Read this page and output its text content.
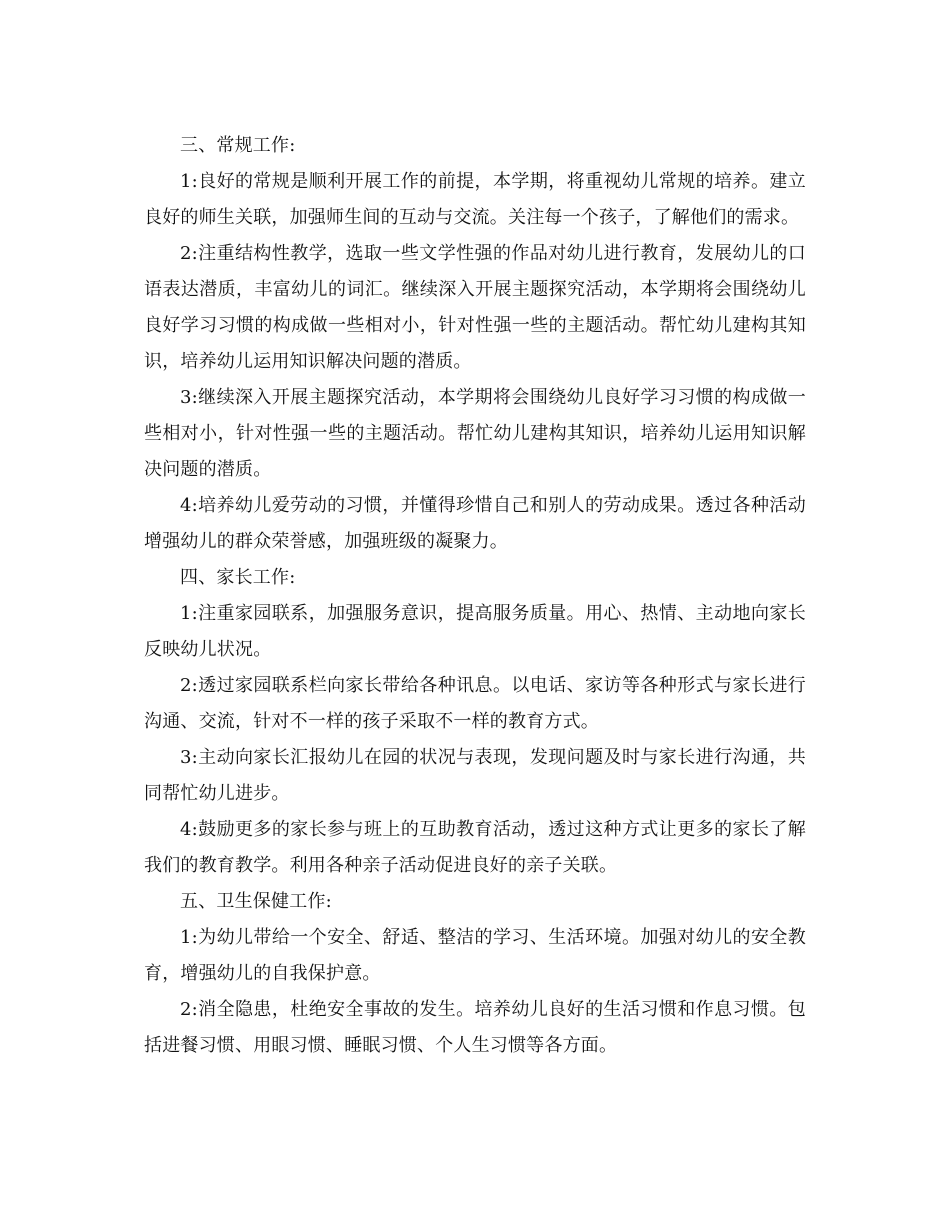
三、常规工作:

1:良好的常规是顺利开展工作的前提，本学期，将重视幼儿常规的培养。建立良好的师生关联，加强师生间的互动与交流。关注每一个孩子，了解他们的需求。

2:注重结构性教学，选取一些文学性强的作品对幼儿进行教育，发展幼儿的口语表达潜质，丰富幼儿的词汇。继续深入开展主题探究活动，本学期将会围绕幼儿良好学习习惯的构成做一些相对小，针对性强一些的主题活动。帮忙幼儿建构其知识，培养幼儿运用知识解决问题的潜质。

3:继续深入开展主题探究活动，本学期将会围绕幼儿良好学习习惯的构成做一些相对小，针对性强一些的主题活动。帮忙幼儿建构其知识，培养幼儿运用知识解决问题的潜质。

4:培养幼儿爱劳动的习惯，并懂得珍惜自己和别人的劳动成果。透过各种活动增强幼儿的群众荣誉感，加强班级的凝聚力。

四、家长工作:

1:注重家园联系，加强服务意识，提高服务质量。用心、热情、主动地向家长反映幼儿状况。

2:透过家园联系栏向家长带给各种讯息。以电话、家访等各种形式与家长进行沟通、交流，针对不一样的孩子采取不一样的教育方式。

3:主动向家长汇报幼儿在园的状况与表现，发现问题及时与家长进行沟通，共同帮忙幼儿进步。

4:鼓励更多的家长参与班上的互助教育活动，透过这种方式让更多的家长了解我们的教育教学。利用各种亲子活动促进良好的亲子关联。

五、卫生保健工作:

1:为幼儿带给一个安全、舒适、整洁的学习、生活环境。加强对幼儿的安全教育，增强幼儿的自我保护意。

2:消全隐患，杜绝安全事故的发生。培养幼儿良好的生活习惯和作息习惯。包括进餐习惯、用眼习惯、睡眠习惯、个人生习惯等各方面。
